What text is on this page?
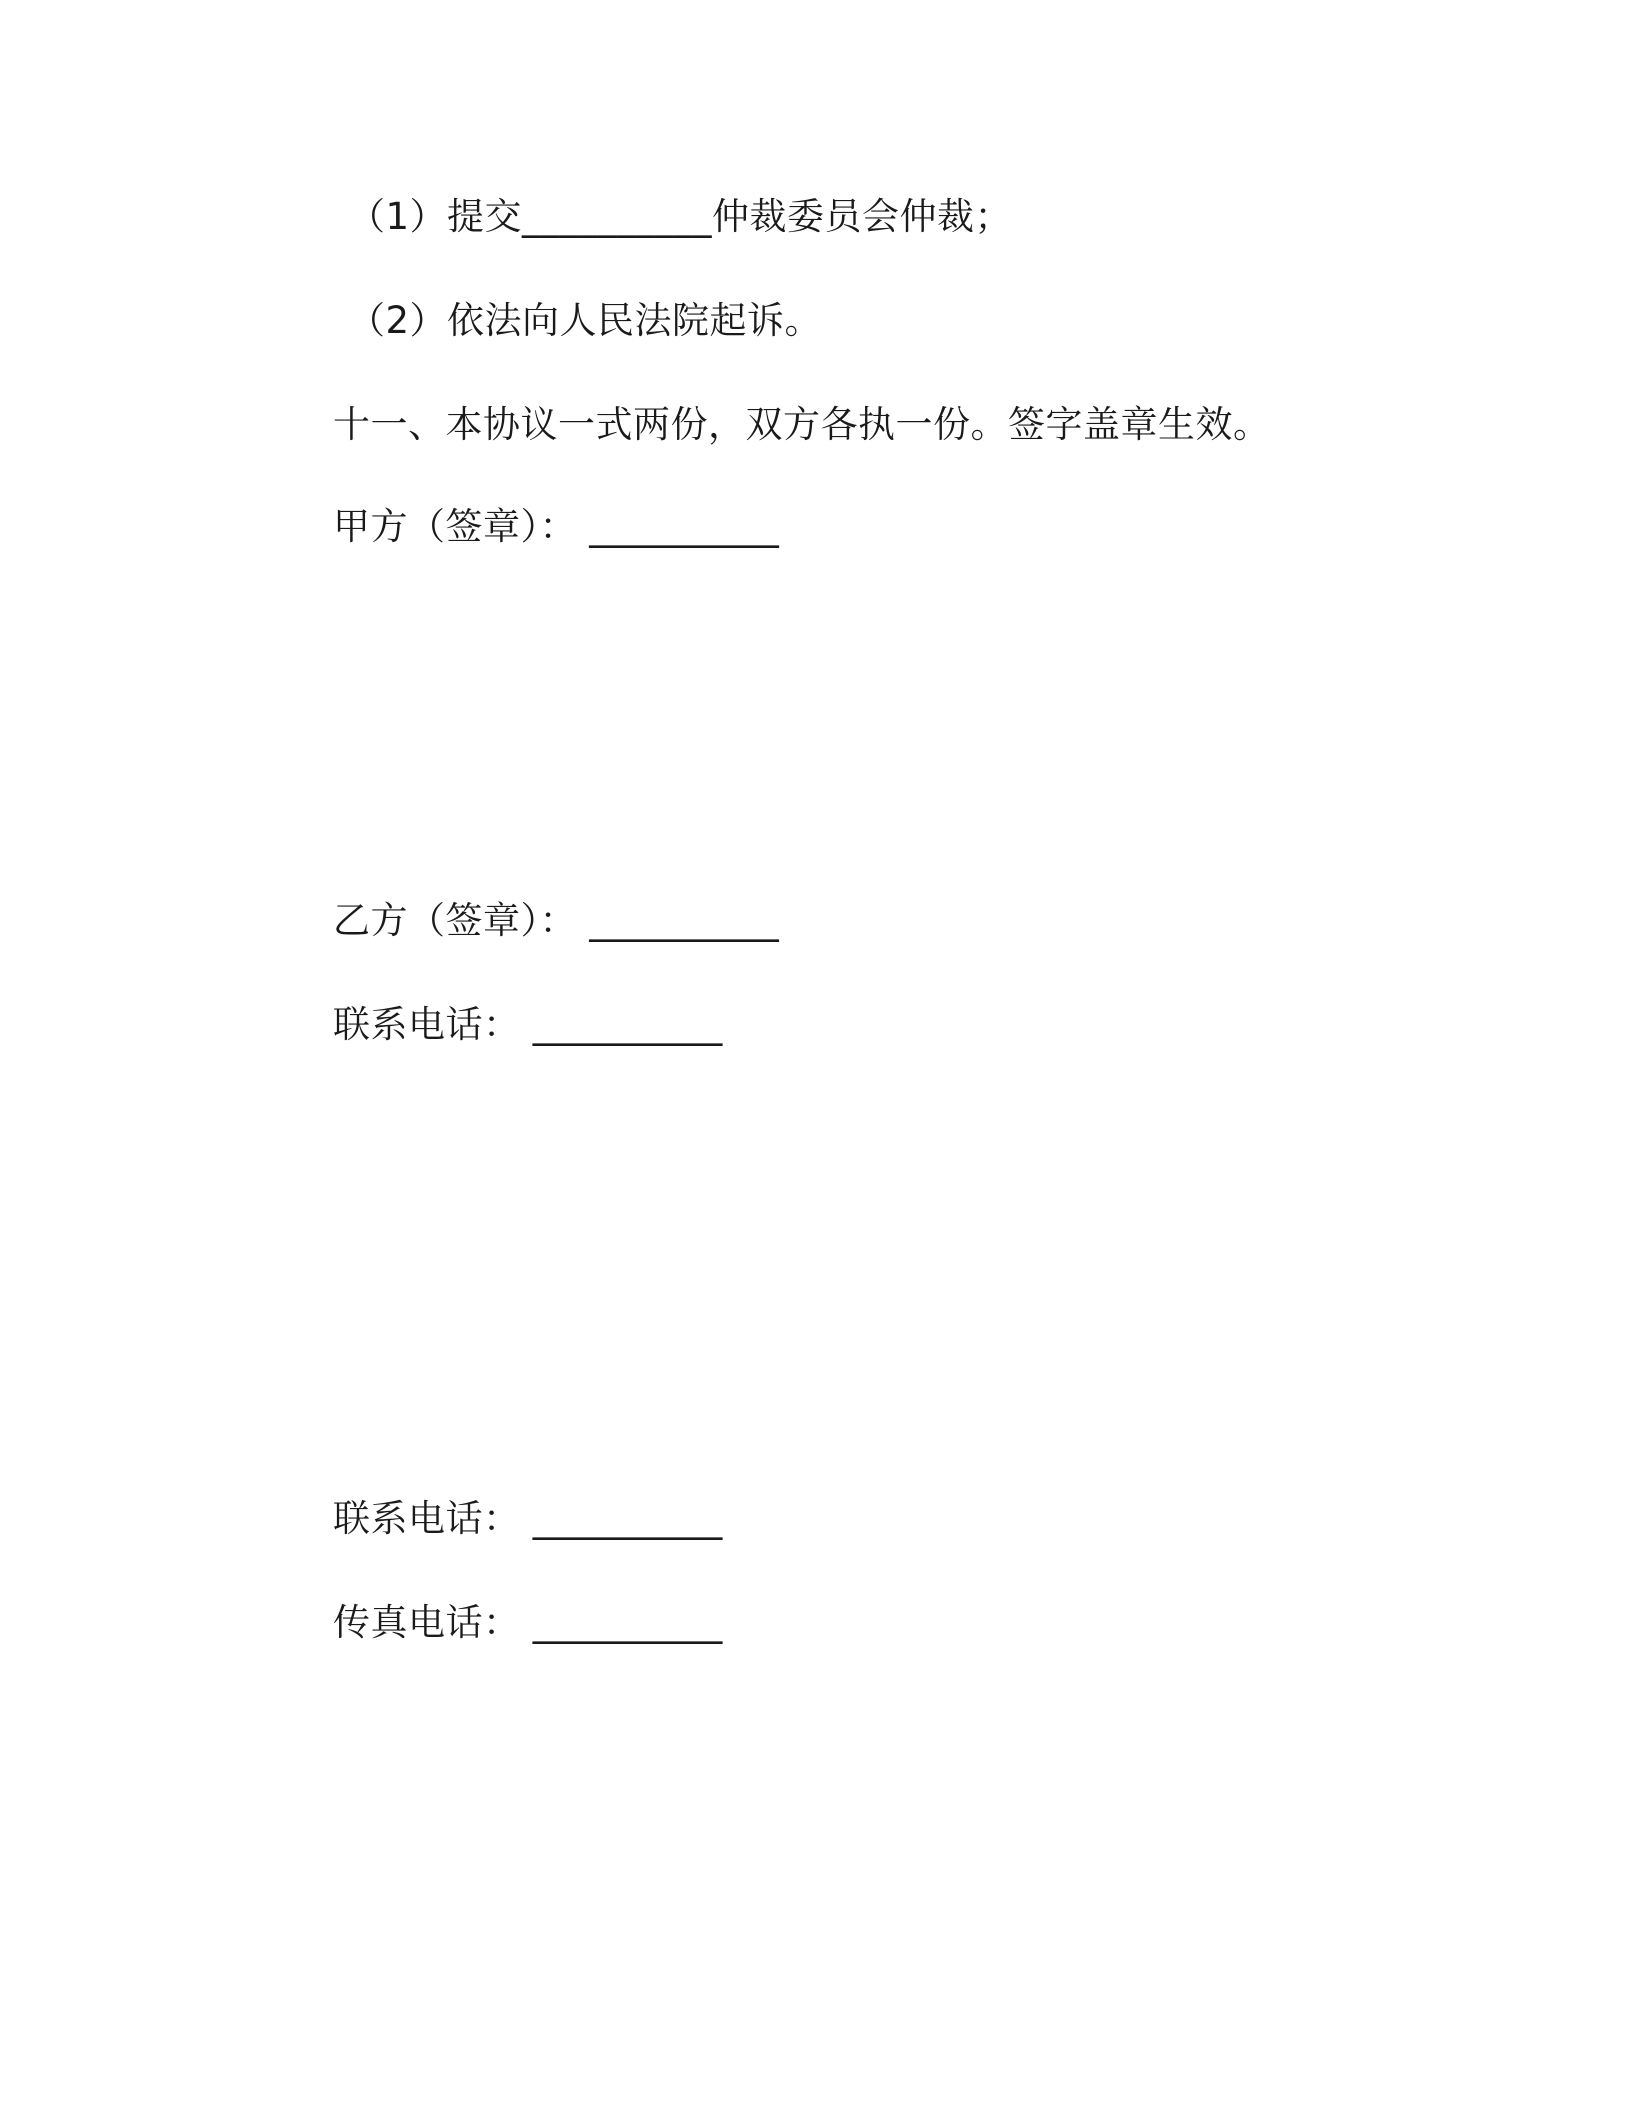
（1）提交__________仲裁委员会仲裁；
（2）依法向人民法院起诉。
十一、本协议一式两份，双方各执一份。签字盖章生效。
甲方（签章）： __________
乙方（签章）： __________
联系电话： __________
联系电话： __________
传真电话： __________
